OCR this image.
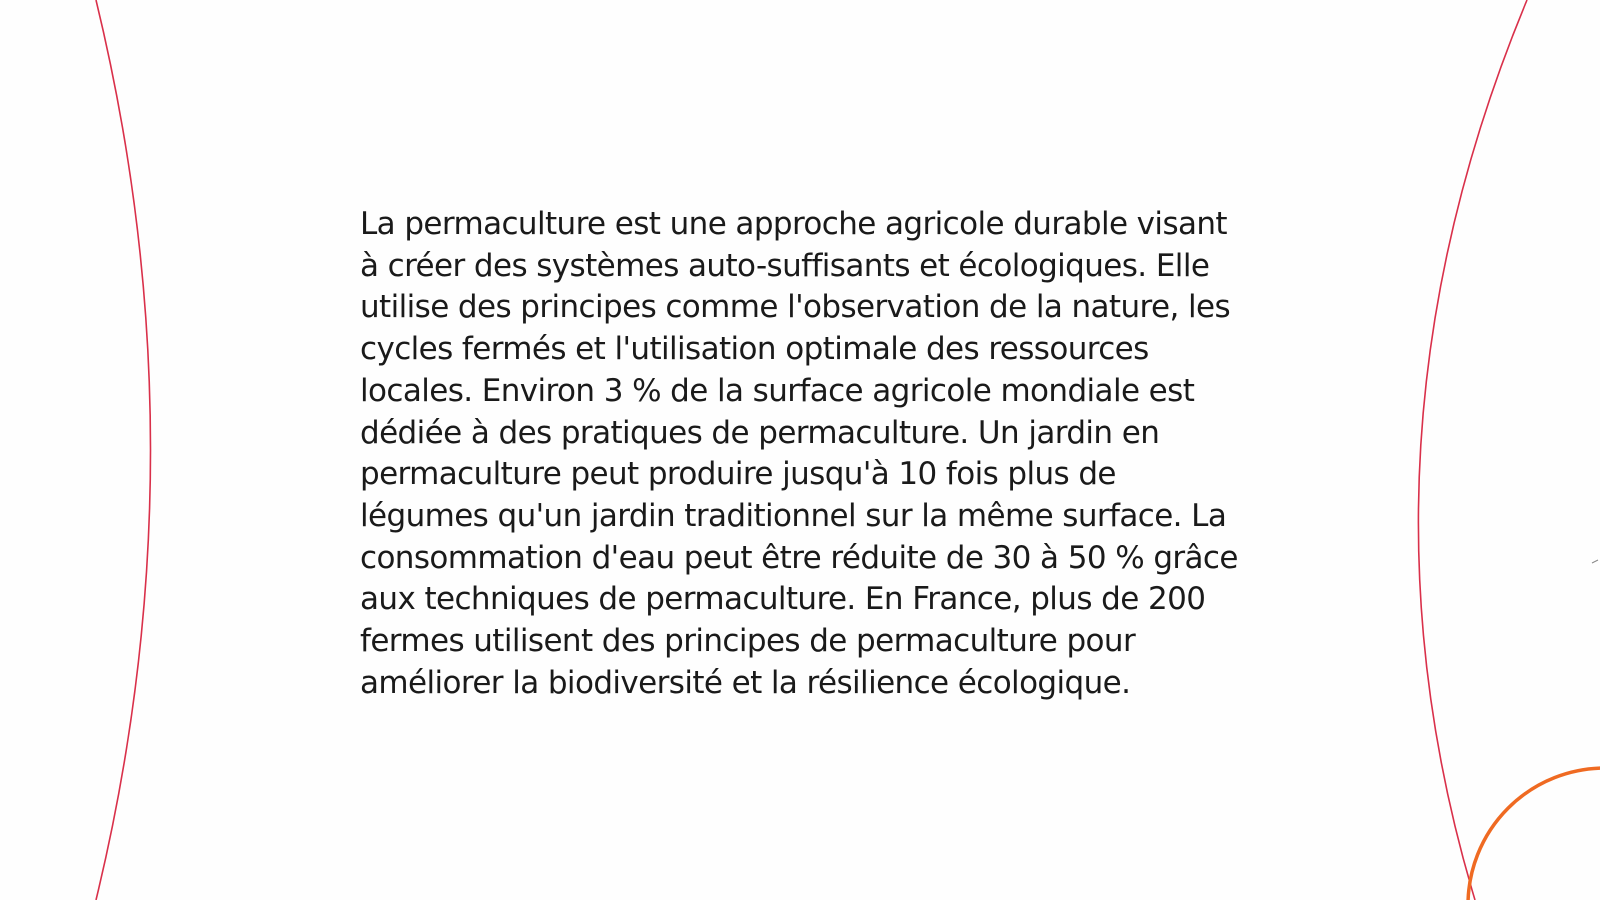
La permaculture est une approche agricole durable visant à créer des systèmes auto-suffisants et écologiques. Elle utilise des principes comme l'observation de la nature, les cycles fermés et l'utilisation optimale des ressources locales. Environ 3 % de la surface agricole mondiale est dédiée à des pratiques de permaculture. Un jardin en permaculture peut produire jusqu'à 10 fois plus de légumes qu'un jardin traditionnel sur la même surface. La consommation d'eau peut être réduite de 30 à 50 % grâce aux techniques de permaculture. En France, plus de 200 fermes utilisent des principes de permaculture pour améliorer la biodiversité et la résilience écologique.
